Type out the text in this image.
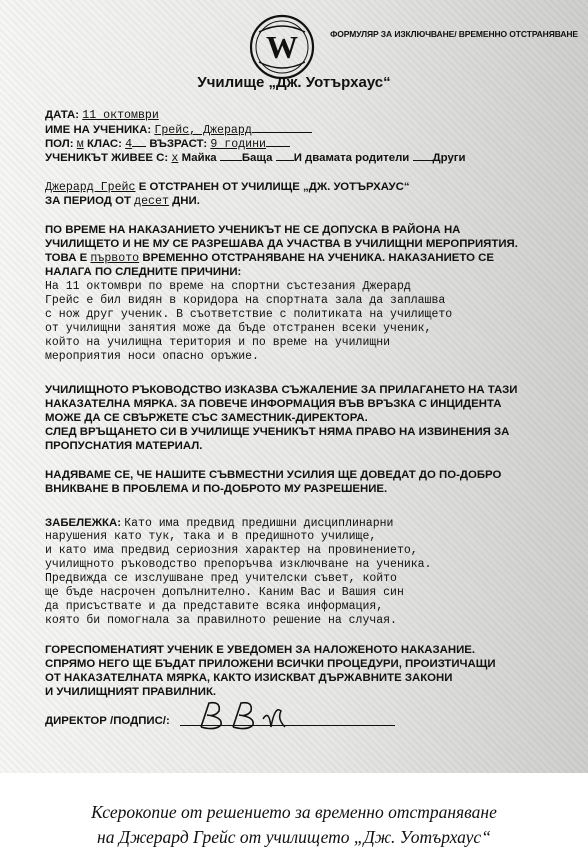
W	ФОРМУЛЯР ЗА ИЗКЛЮЧВАНЕ/ ВРЕМЕННО ОТСТРАНЯВАНЕ
Училище „Дж. Уотърхаус“
ДАТА: 11 октомври
ИМЕ НА УЧЕНИКА: Грейс, Джерард
ПОЛ: м КЛАС: 4 ВЪЗРАСТ: 9 години
УЧЕНИКЪТ ЖИВЕЕ С: х Майка Баща И двамата родители Други
Джерард Грейс Е ОТСТРАНЕН ОТ УЧИЛИЩЕ „ДЖ. УОТЪРХАУС“
ЗА ПЕРИОД ОТ десет ДНИ.
ПО ВРЕМЕ НА НАКАЗАНИЕТО УЧЕНИКЪТ НЕ СЕ ДОПУСКА В РАЙОНА НА
УЧИЛИЩЕТО И НЕ МУ СЕ РАЗРЕШАВА ДА УЧАСТВА В УЧИЛИЩНИ МЕРОПРИЯТИЯ.
ТОВА Е първото ВРЕМЕННО ОТСТРАНЯВАНЕ НА УЧЕНИКА. НАКАЗАНИЕТО СЕ
НАЛАГА ПО СЛЕДНИТЕ ПРИЧИНИ:
На 11 октомври по време на спортни състезания Джерард
Грейс е бил видян в коридора на спортната зала да заплашва
с нож друг ученик. В съответствие с политиката на училището
от училищни занятия може да бъде отстранен всеки ученик,
който на училищна територия и по време на училищни
мероприятия носи опасно оръжие.
УЧИЛИЩНОТО РЪКОВОДСТВО ИЗКАЗВА СЪЖАЛЕНИЕ ЗА ПРИЛАГАНЕТО НА ТАЗИ
НАКАЗАТЕЛНА МЯРКА. ЗА ПОВЕЧЕ ИНФОРМАЦИЯ ВЪВ ВРЪЗКА С ИНЦИДЕНТА
МОЖЕ ДА СЕ СВЪРЖЕТЕ СЪС ЗАМЕСТНИК-ДИРЕКТОРА.
СЛЕД ВРЪЩАНЕТО СИ В УЧИЛИЩЕ УЧЕНИКЪТ НЯМА ПРАВО НА ИЗВИНЕНИЯ ЗА
ПРОПУСНАТИЯ МАТЕРИАЛ.
НАДЯВАМЕ СЕ, ЧЕ НАШИТЕ СЪВМЕСТНИ УСИЛИЯ ЩЕ ДОВЕДАТ ДО ПО-ДОБРО
ВНИКВАНЕ В ПРОБЛЕМА И ПО-ДОБРОТО МУ РАЗРЕШЕНИЕ.
ЗАБЕЛЕЖКА: Като има предвид предишни дисциплинарни
нарушения като тук, така и в предишното училище,
и като има предвид сериозния характер на провинението,
училищното ръководство препоръчва изключване на ученика.
Предвижда се изслушване пред учителски съвет, който
ще бъде насрочен допълнително. Каним Вас и Вашия син
да присъствате и да представите всяка информация,
която би помогнала за правилното решение на случая.
ГОРЕСПОМЕНАТИЯТ УЧЕНИК Е УВЕДОМЕН ЗА НАЛОЖЕНОТО НАКАЗАНИЕ.
СПРЯМО НЕГО ЩЕ БЪДАТ ПРИЛОЖЕНИ ВСИЧКИ ПРОЦЕДУРИ, ПРОИЗТИЧАЩИ
ОТ НАКАЗАТЕЛНАТА МЯРКА, КАКТО ИЗИСКВАТ ДЪРЖАВНИТЕ ЗАКОНИ
И УЧИЛИЩНИЯТ ПРАВИЛНИК.
ДИРЕКТОР /ПОДПИС/:
Ксерокопие от решението за временно отстраняване
на Джерард Грейс от училището „Дж. Уотърхаус“
